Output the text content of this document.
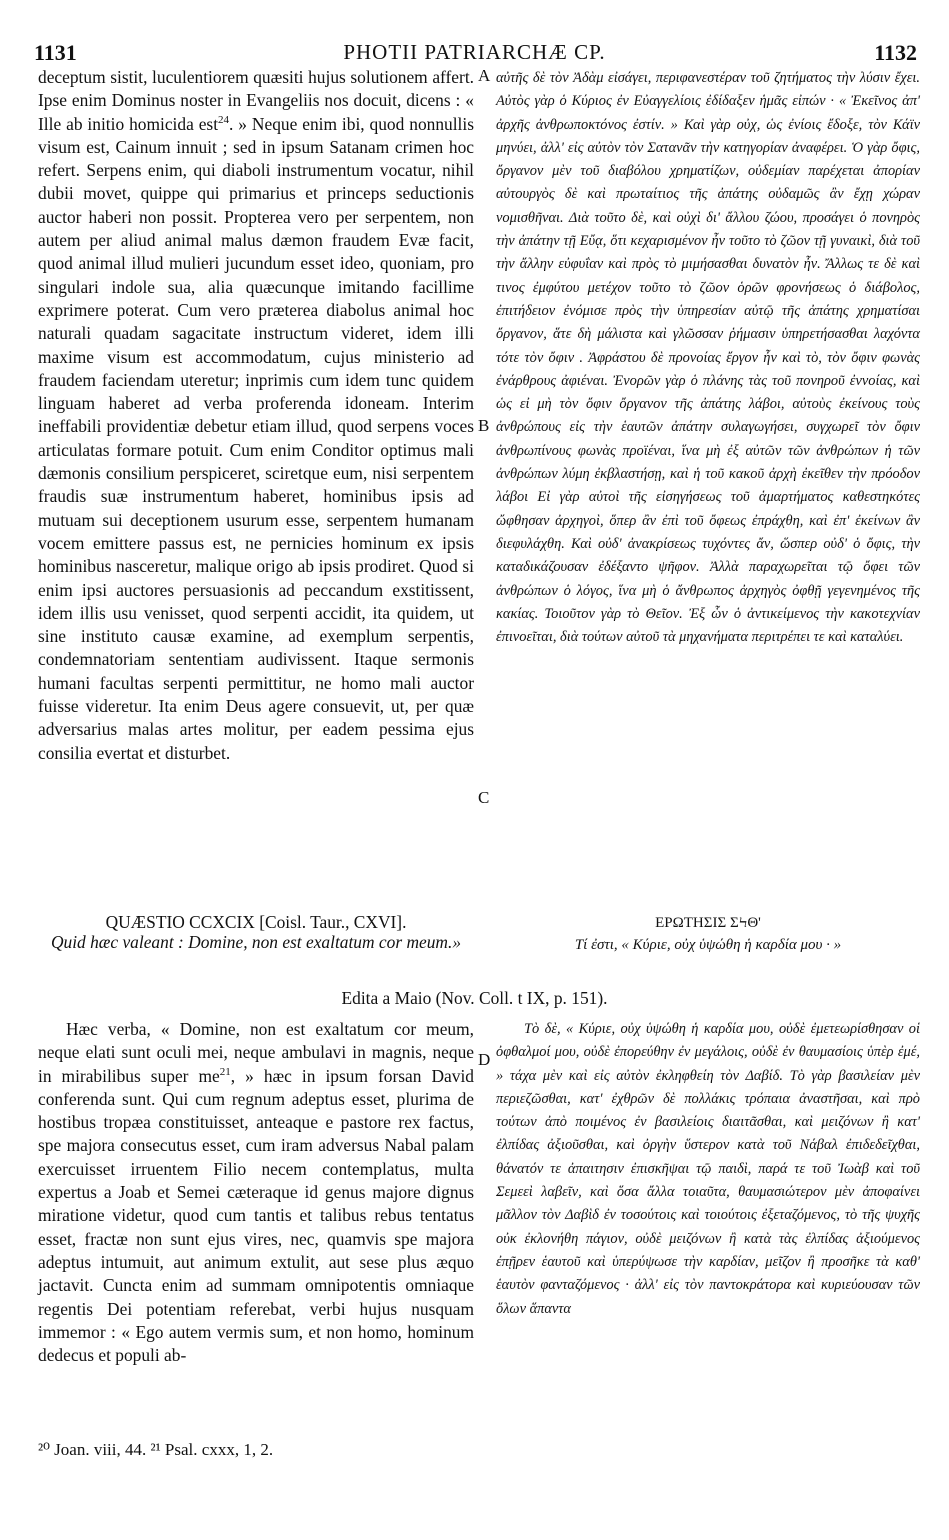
1131	PHOTII PATRIARCHÆ CP.	1132

deceptum sistit, luculentiorem quæsiti hujus solutionem affert. Ipse enim Dominus noster in Evangeliis nos docuit, dicens : « Ille ab initio homicida est$^{24}$. » Neque enim ibi, quod nonnullis visum est, Cainum innuit ; sed in ipsum Satanam crimen hoc refert. Serpens enim, qui diaboli instrumentum vocatur, nihil dubii movet, quippe qui primarius et princeps seductionis auctor haberi non possit. Propterea vero per serpentem, non autem per aliud animal malus dæmon fraudem Evæ facit, quod animal illud mulieri jucundum esset ideo, quoniam, pro singulari indole sua, alia quæcunque imitando facillime exprimere poterat. Cum vero præterea diabolus animal hoc naturali quadam sagacitate instructum videret, idem illi maxime visum est accommodatum, cujus ministerio ad fraudem faciendam uteretur; inprimis cum idem tunc quidem linguam haberet ad verba proferenda idoneam. Interim ineffabili providentiæ debetur etiam illud, quod serpens voces articulatas formare potuit. Cum enim Conditor optimus mali dæmonis consilium perspiceret, sciretque eum, nisi serpentem fraudis suæ instrumentum haberet, hominibus ipsis ad mutuam sui deceptionem usurum esse, serpentem humanam vocem emittere passus est, ne pernicies hominum ex ipsis hominibus nasceretur, malique origo ab ipsis prodiret. Quod si enim ipsi auctores persuasionis ad peccandum exstitissent, idem illis usu venisset, quod serpenti accidit, ita quidem, ut sine instituto causæ examine, ad exemplum serpentis, condemnatoriam sententiam audivissent. Itaque sermonis humani facultas serpenti permittitur, ne homo mali auctor fuisse videretur. Ita enim Deus agere consuevit, ut, per quæ adversarius malas artes molitur, per eadem pessima ejus consilia evertat et disturbet.

αὐτῆς δὲ τὸν Ἀδὰμ εἰσάγει, περιφανεστέραν τοῦ ζητήματος τὴν λύσιν ἔχει. Αὐτὸς γὰρ ὁ Κύριος ἐν Εὐαγγελίοις ἐδίδαξεν ἡμᾶς εἰπών · « Ἐκεῖνος ἀπ' ἀρχῆς ἀνθρωποκτόνος ἐστίν. » Καὶ γὰρ οὐχ, ὡς ἐνίοις ἔδοξε, τὸν Κάϊν μηνύει, ἀλλ' εἰς αὐτὸν τὸν Σατανᾶν τὴν κατηγορίαν ἀναφέρει. Ὁ γὰρ ὄφις, ὄργανον μὲν τοῦ διαβόλου χρηματίζων, οὐδεμίαν παρέχεται ἀπορίαν αὐτουργὸς δὲ καὶ πρωταίτιος τῆς ἀπάτης οὐδαμῶς ἂν ἔχῃ χώραν νομισθῆναι. Διὰ τοῦτο δὲ, καὶ οὐχὶ δι' ἄλλου ζώου, προσάγει ὁ πονηρὸς τὴν ἀπάτην τῇ Εὔᾳ, ὅτι κεχαρισμένον ἦν τοῦτο τὸ ζῶον τῇ γυναικὶ, διὰ τοῦ τὴν ἄλλην εὐφυΐαν καὶ πρὸς τὸ μιμήσασθαι δυνατὸν ἦν. Ἄλλως τε δὲ καὶ τινος ἐμφύτου μετέχον τοῦτο τὸ ζῶον ὁρῶν φρονήσεως ὁ διάβολος, ἐπιτήδειον ἐνόμισε πρὸς τὴν ὑπηρεσίαν αὐτῷ τῆς ἀπάτης χρηματίσαι ὄργανον, ἅτε δὴ μάλιστα καὶ γλῶσσαν ῥήμασιν ὑπηρετήσασθαι λαχόντα τότε τὸν ὄφιν . Ἀφράστου δὲ προνοίας ἔργον ἦν καὶ τὸ, τὸν ὄφιν φωνὰς ἐνάρθρους ἀφιέναι. Ἐνορῶν γὰρ ὁ πλάνης τὰς τοῦ πονηροῦ ἐννοίας, καὶ ὡς εἰ μὴ τὸν ὄφιν ὄργανον τῆς ἀπάτης λάβοι, αὐτοὺς ἐκείνους τοὺς ἀνθρώπους εἰς τὴν ἑαυτῶν ἀπάτην συλαγωγήσει, συγχωρεῖ τὸν ὄφιν ἀνθρωπίνους φωνὰς προϊέναι, ἵνα μὴ ἐξ αὐτῶν τῶν ἀνθρώπων ἡ τῶν ἀνθρώπων λύμη ἐκβλαστήσῃ, καὶ ἡ τοῦ κακοῦ ἀρχὴ ἐκεῖθεν τὴν πρόοδον λάβοι Εἰ γὰρ αὐτοὶ τῆς εἰσηγήσεως τοῦ ἁμαρτήματος καθεστηκότες ὤφθησαν ἀρχηγοὶ, ὅπερ ἂν ἐπὶ τοῦ ὄφεως ἐπράχθη, καὶ ἐπ' ἐκείνων ἂν διεφυλάχθη. Καὶ οὐδ' ἀνακρίσεως τυχόντες ἄν, ὥσπερ οὐδ' ὁ ὄφις, τὴν καταδικάζουσαν ἐδέξαντο ψῆφον. Ἀλλὰ παραχωρεῖται τῷ ὄφει τῶν ἀνθρώπων ὁ λόγος, ἵνα μὴ ὁ ἄνθρωπος ἀρχηγὸς ὀφθῇ γεγενημένος τῆς κακίας. Τοιοῦτον γὰρ τὸ Θεῖον. Ἐξ ὧν ὁ ἀντικείμενος τὴν κακοτεχνίαν ἐπινοεῖται, διὰ τούτων αὐτοῦ τὰ μηχανήματα περιτρέπει τε καὶ καταλύει.

A
B
C
D
QUÆSTIO CCXCIX [Coisl. Taur., CXVI].
Quid hæc valeant : Domine, non est exaltatum cor meum.»
ΕΡΩΤΗΣΙΣ ΣϞΘ'
Τί ἐστι, « Κύριε, οὐχ ὑψώθη ἡ καρδία μου · »
Edita a Maio (Nov. Coll. t IX, p. 151).

Hæc verba, « Domine, non est exaltatum cor meum, neque elati sunt oculi mei, neque ambulavi in magnis, neque in mirabilibus super $me^{21}$, » hæc in ipsum forsan David conferenda sunt. Qui cum regnum adeptus esset, plurima de hostibus tropæa constituisset, anteaque e pastore rex factus, spe majora consecutus esset, cum iram adversus Nabal palam exercuisset irruentem Filio necem contemplatus, multa expertus a Joab et Semei cæteraque id genus majore dignus miratione videtur, quod cum tantis et talibus rebus tentatus esset, fractæ non sunt ejus vires, nec, quamvis spe majora adeptus intumuit, aut animum extulit, aut sese plus æquo jactavit. Cuncta enim ad summam omnipotentis omniaque regentis Dei potentiam referebat, verbi hujus nusquam immemor : « Ego autem vermis sum, et non homo, hominum dedecus et populi ab-

Τὸ δὲ, « Κύριε, οὐχ ὑψώθη ἡ καρδία μου, οὐδὲ ἐμετεωρίσθησαν οἱ ὀφθαλμοί μου, οὐδὲ ἐπορεύθην ἐν μεγάλοις, οὐδὲ ἐν θαυμασίοις ὑπὲρ ἐμέ, » τάχα μὲν καὶ εἰς αὐτὸν ἐκληφθείη τὸν Δαβίδ. Τὸ γὰρ βασιλείαν μὲν περιεζῶσθαι, κατ' ἐχθρῶν δὲ πολλάκις τρόπαια ἀναστῆσαι, καὶ πρὸ τούτων ἀπὸ ποιμένος ἐν βασιλείοις διαιτᾶσθαι, καὶ μειζόνων ἢ κατ' ἐλπίδας ἀξιοῦσθαι, καὶ ὀργὴν ὕστερον κατὰ τοῦ Νάβαλ ἐπιδεδεῖχθαι, θάνατόν τε ἀπαιτησιν ἐπισκῆψαι τῷ παιδὶ, παρά τε τοῦ Ἰωὰβ καὶ τοῦ Σεμεεὶ λαβεῖν, καὶ ὅσα ἄλλα τοιαῦτα, θαυμασιώτερον μὲν ἀποφαίνει μᾶλλον τὸν Δαβὶδ ἐν τοσούτοις καὶ τοιούτοις ἐξεταζόμενος, τὸ τῆς ψυχῆς οὐκ ἐκλονήθη πάγιον, οὐδὲ μειζόνων ἢ κατὰ τὰς ἐλπίδας ἀξιούμενος ἐπῇρεν ἑαυτοῦ καὶ ὑπερύψωσε τὴν καρδίαν, μεῖζον ἢ προσῆκε τὰ καθ' ἑαυτὸν φανταζόμενος · ἀλλ' εἰς τὸν παντοκράτορα καὶ κυριεύουσαν τῶν ὅλων ἅπαντα

²⁰ Joan. viii, 44. ²¹ Psal. cxxx, 1, 2.
